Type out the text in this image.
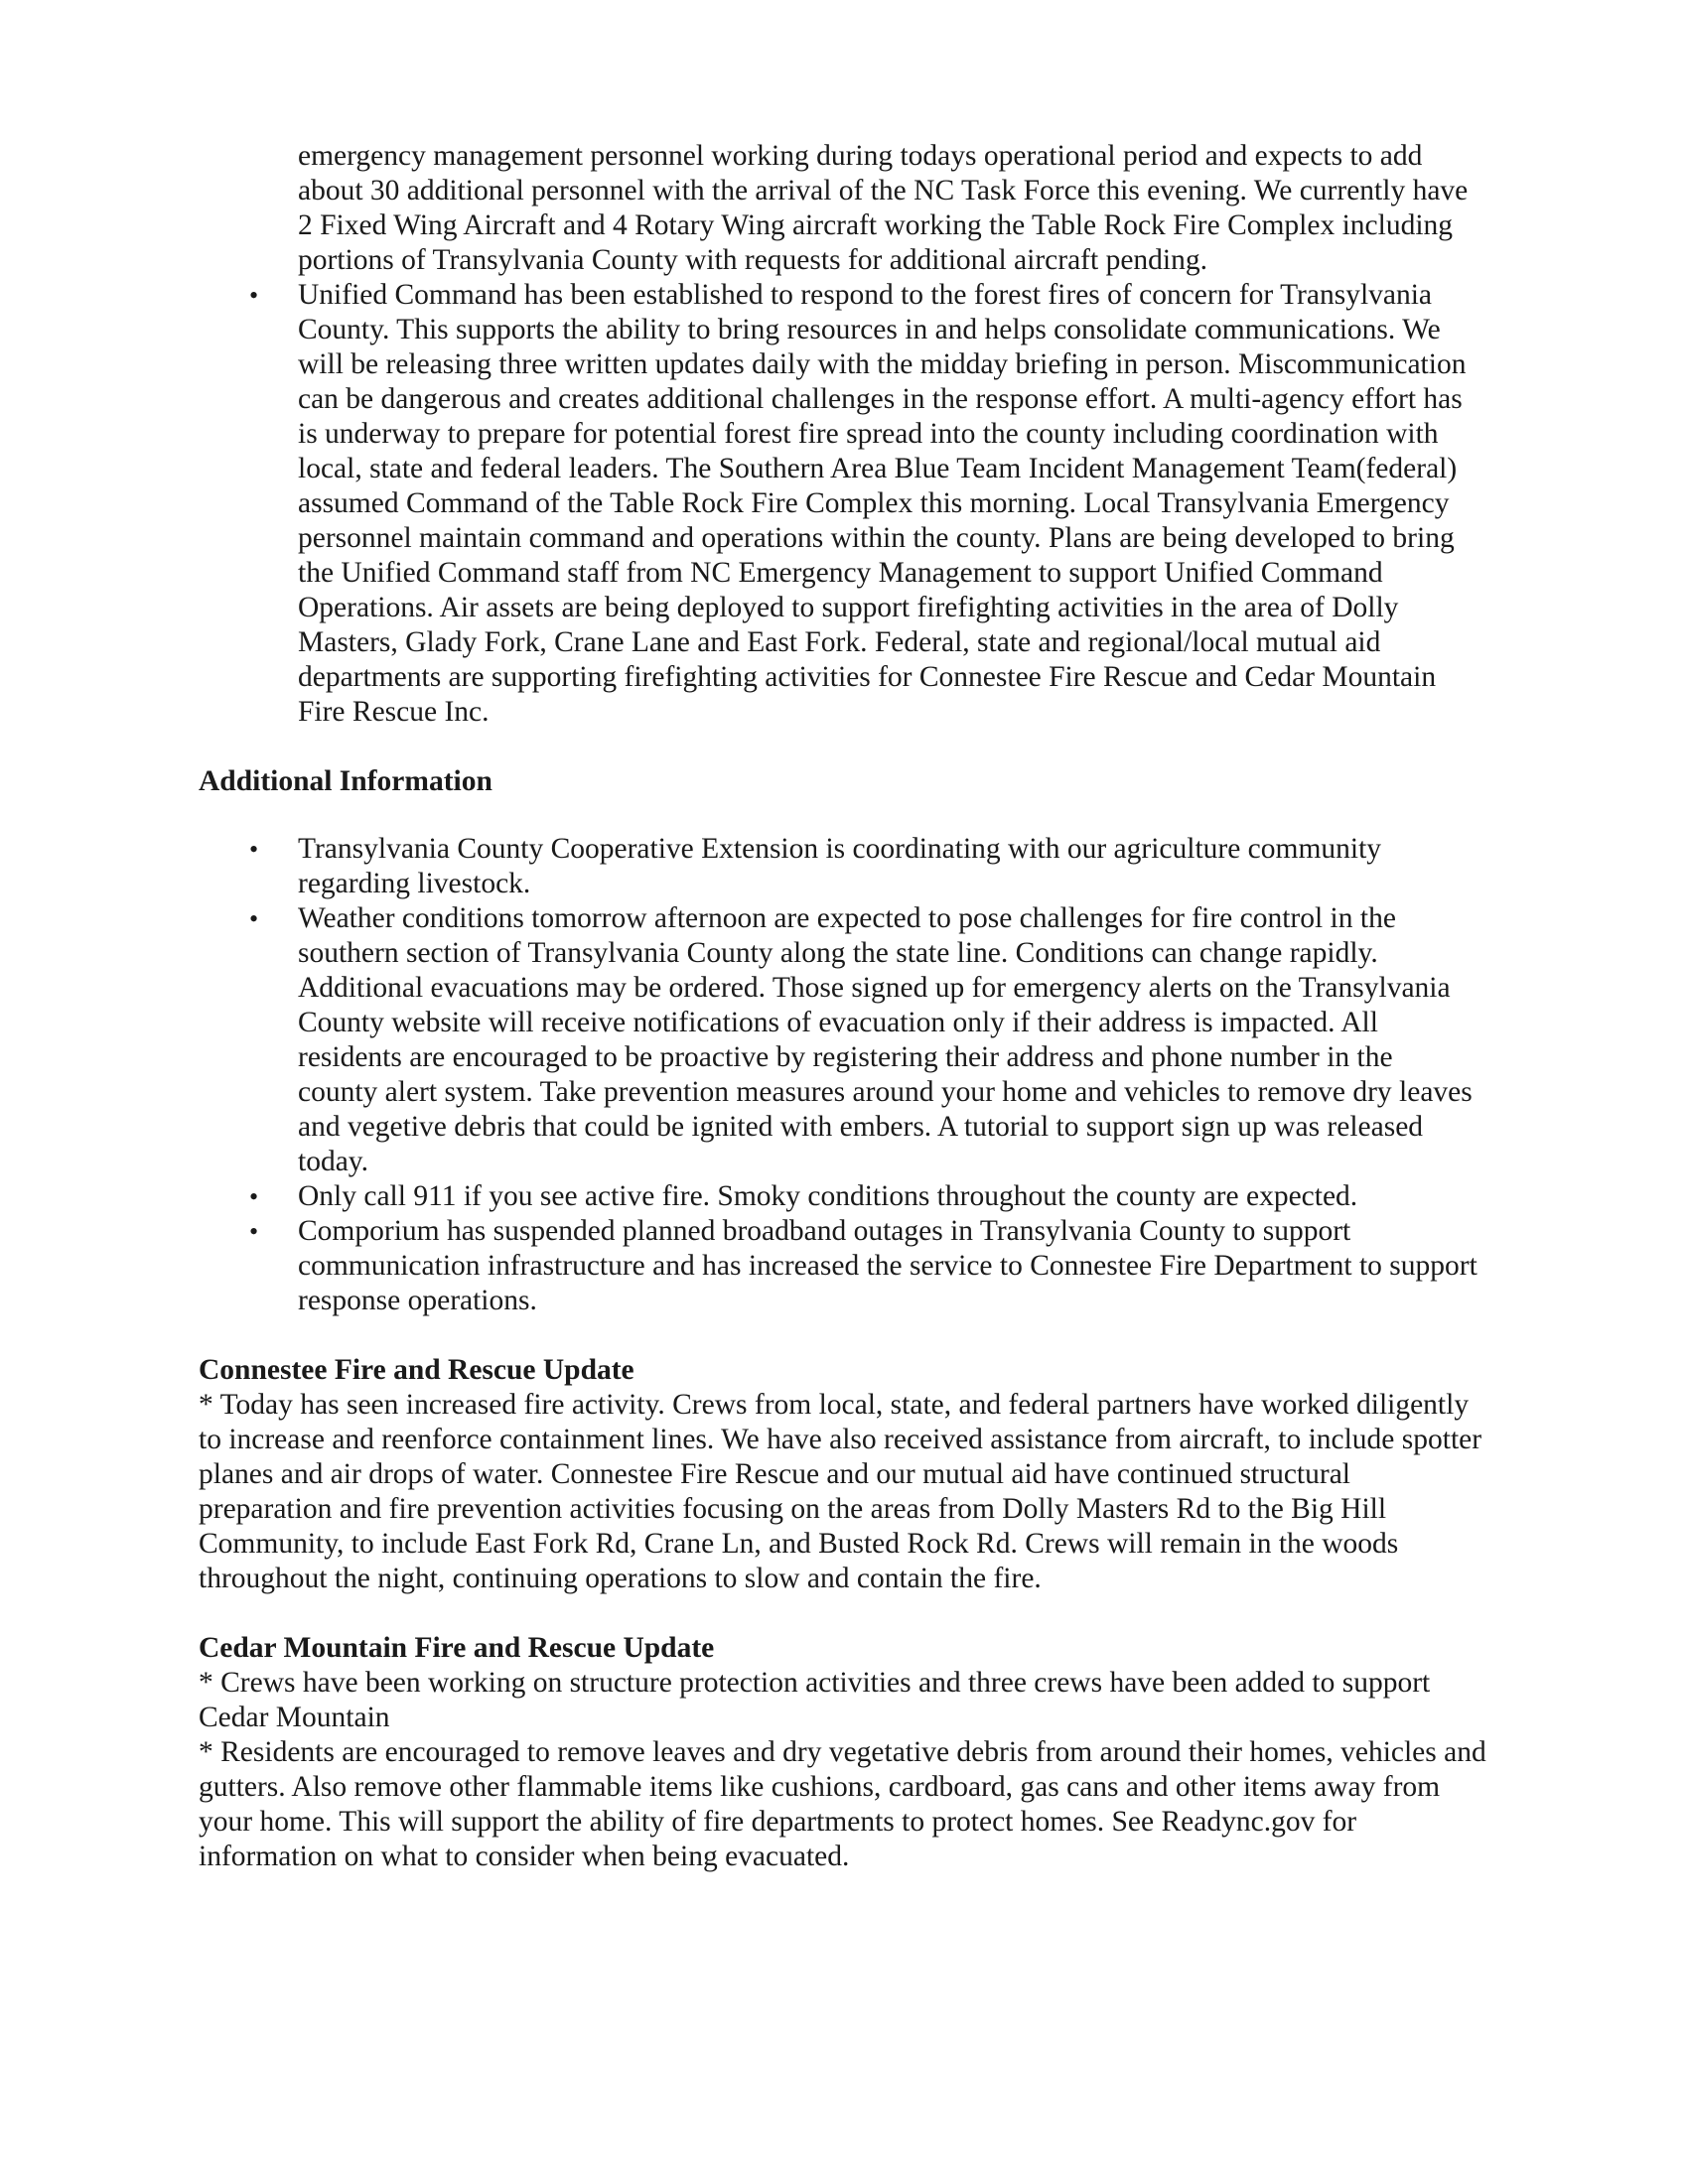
emergency management personnel working during todays operational period and expects to add about 30 additional personnel with the arrival of the NC Task Force this evening. We currently have 2 Fixed Wing Aircraft and 4 Rotary Wing aircraft working the Table Rock Fire Complex including portions of Transylvania County with requests for additional aircraft pending.
• Unified Command has been established to respond to the forest fires of concern for Transylvania County. This supports the ability to bring resources in and helps consolidate communications. We will be releasing three written updates daily with the midday briefing in person. Miscommunication can be dangerous and creates additional challenges in the response effort. A multi-agency effort has is underway to prepare for potential forest fire spread into the county including coordination with local, state and federal leaders. The Southern Area Blue Team Incident Management Team(federal) assumed Command of the Table Rock Fire Complex this morning. Local Transylvania Emergency personnel maintain command and operations within the county. Plans are being developed to bring the Unified Command staff from NC Emergency Management to support Unified Command Operations. Air assets are being deployed to support firefighting activities in the area of Dolly Masters, Glady Fork, Crane Lane and East Fork. Federal, state and regional/local mutual aid departments are supporting firefighting activities for Connestee Fire Rescue and Cedar Mountain Fire Rescue Inc.
Additional Information
• Transylvania County Cooperative Extension is coordinating with our agriculture community regarding livestock.
• Weather conditions tomorrow afternoon are expected to pose challenges for fire control in the southern section of Transylvania County along the state line. Conditions can change rapidly. Additional evacuations may be ordered. Those signed up for emergency alerts on the Transylvania County website will receive notifications of evacuation only if their address is impacted. All residents are encouraged to be proactive by registering their address and phone number in the county alert system. Take prevention measures around your home and vehicles to remove dry leaves and vegetive debris that could be ignited with embers. A tutorial to support sign up was released today.
• Only call 911 if you see active fire. Smoky conditions throughout the county are expected.
• Comporium has suspended planned broadband outages in Transylvania County to support communication infrastructure and has increased the service to Connestee Fire Department to support response operations.
Connestee Fire and Rescue Update

* Today has seen increased fire activity. Crews from local, state, and federal partners have worked diligently to increase and reenforce containment lines. We have also received assistance from aircraft, to include spotter planes and air drops of water. Connestee Fire Rescue and our mutual aid have continued structural preparation and fire prevention activities focusing on the areas from Dolly Masters Rd to the Big Hill Community, to include East Fork Rd, Crane Ln, and Busted Rock Rd. Crews will remain in the woods throughout the night, continuing operations to slow and contain the fire.

Cedar Mountain Fire and Rescue Update

* Crews have been working on structure protection activities and three crews have been added to support Cedar Mountain

* Residents are encouraged to remove leaves and dry vegetative debris from around their homes, vehicles and gutters. Also remove other flammable items like cushions, cardboard, gas cans and other items away from your home. This will support the ability of fire departments to protect homes. See Readync.gov for information on what to consider when being evacuated.
